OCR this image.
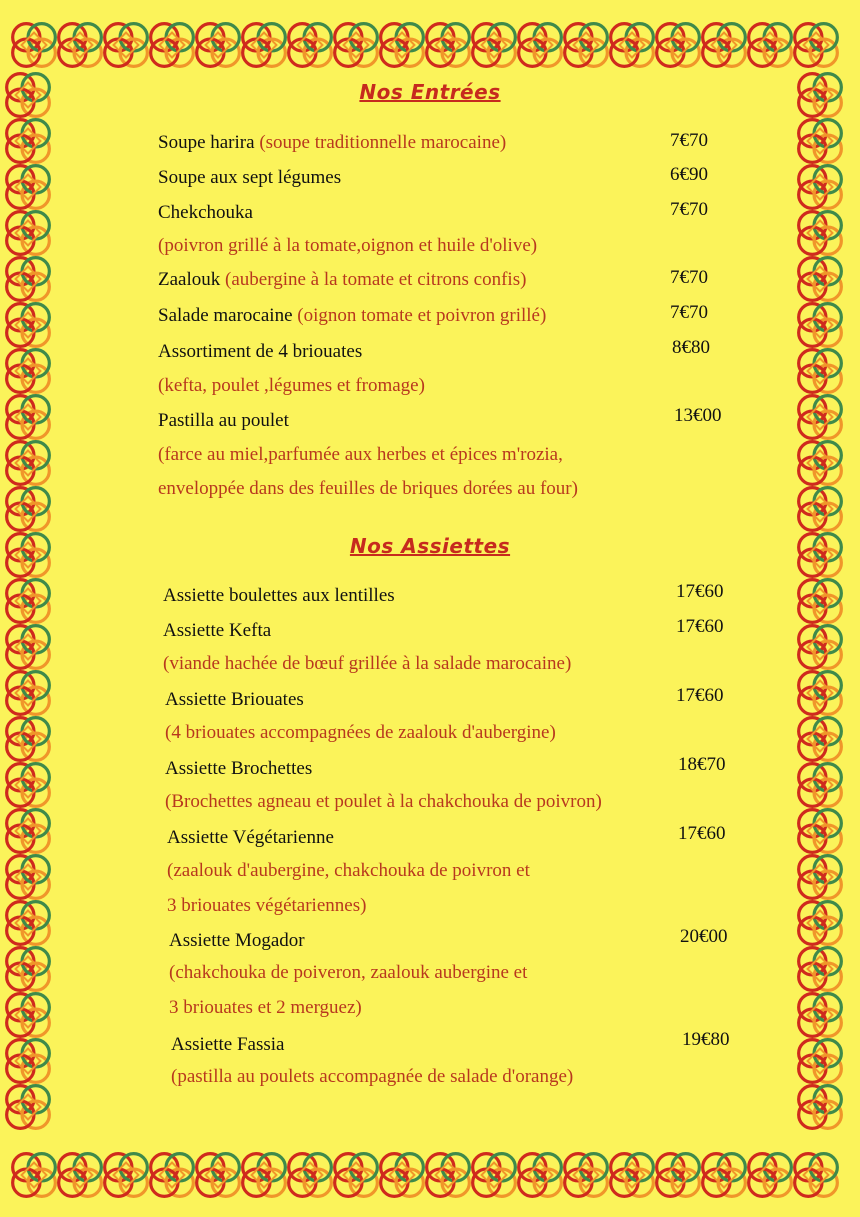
Nos Entrées
Soupe harira (soupe traditionnelle marocaine)	7€70
Soupe aux sept légumes	6€90
Chekchouka	7€70
(poivron grillé à la tomate,oignon et huile d'olive)
Zaalouk (aubergine à la tomate et citrons confis)	7€70
Salade marocaine (oignon tomate et poivron grillé)	7€70
Assortiment de 4 briouates	8€80
(kefta, poulet ,légumes et fromage)
Pastilla au poulet	13€00
(farce au miel,parfumée aux herbes et épices m'rozia,
enveloppée dans des feuilles de briques dorées au four)
Nos Assiettes
Assiette boulettes aux lentilles	17€60
Assiette Kefta	17€60
(viande hachée de bœuf grillée à la salade marocaine)
Assiette Briouates	17€60
(4 briouates accompagnées de zaalouk d'aubergine)
Assiette Brochettes	18€70
(Brochettes agneau et poulet à la chakchouka de poivron)
Assiette Végétarienne	17€60
(zaalouk d'aubergine, chakchouka de poivron et
3 briouates végétariennes)
Assiette Mogador	20€00
(chakchouka de poiveron, zaalouk aubergine et
3 briouates et 2 merguez)
Assiette Fassia	19€80
(pastilla au poulets accompagnée de salade d'orange)
